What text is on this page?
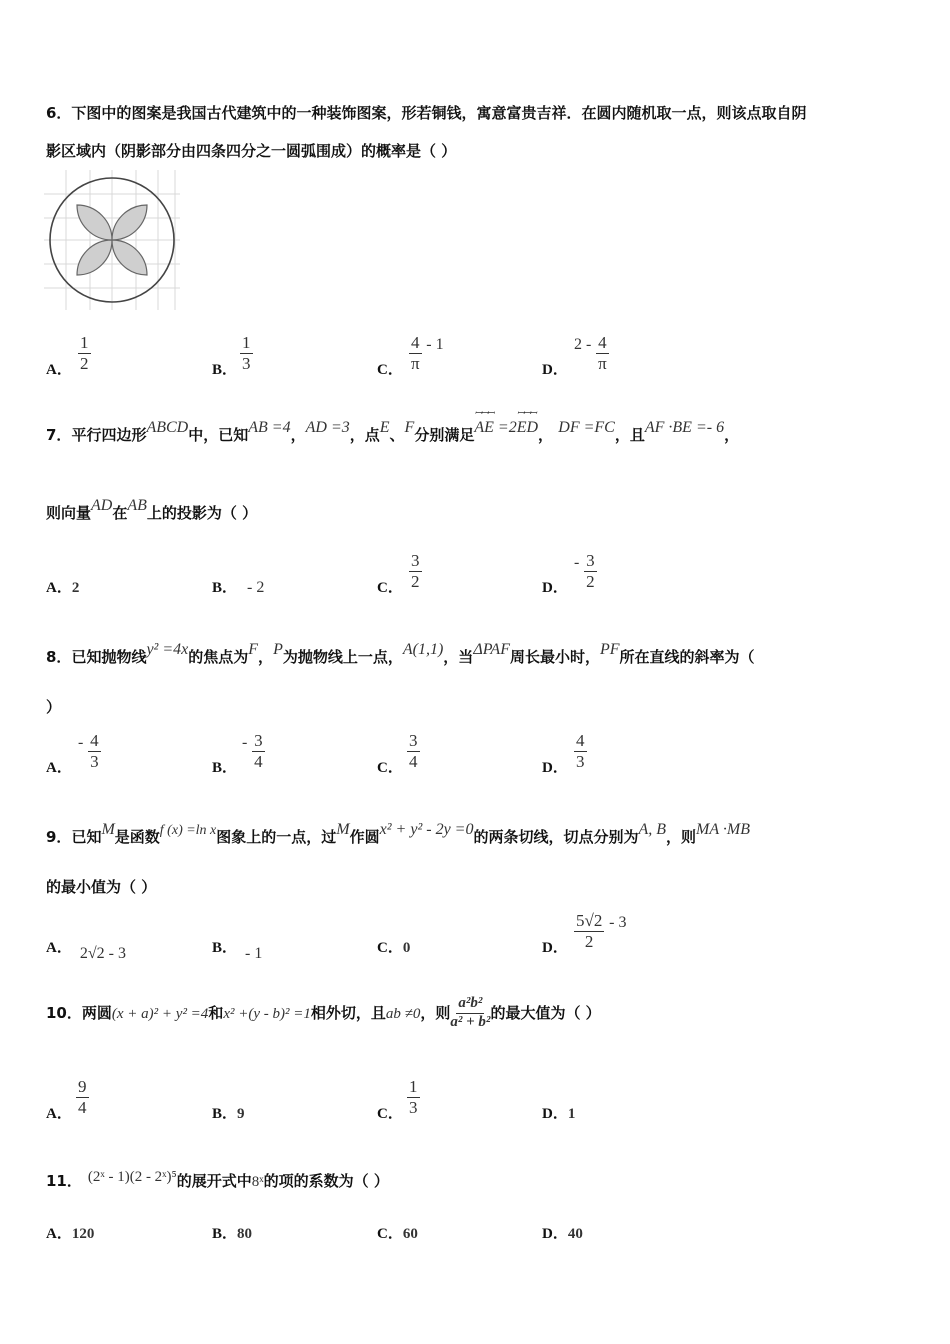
6．下图中的图案是我国古代建筑中的一种装饰图案，形若铜钱，寓意富贵吉祥．在圆内随机取一点，则该点取自阴
影区域内（阴影部分由四条四分之一圆弧围成）的概率是（ ）
A． $\frac{1}{2}$	B． $\frac{1}{3}$	C． $\frac{4}{\pi} - 1$
D．
$2 - \frac{4}{\pi}$
7．平行四边形ABCD中，已知AB =4，AD =3，点E、F分别满足ꟷꟷꟷ AE =2ꟷꟷꟷ ED， DF =FC，且AF ·BE =- 6，
则向量AD在AB上的投影为（ ）
A．2	B． - 2	C． $\frac{3}{2}$	D．
- $\frac{3}{2}$
8．已知抛物线y² =4x的焦点为F，P为抛物线上一点，A(1,1)，当ΔPAF周长最小时，PF所在直线的斜率为（
）
A．
- $\frac{4}{3}$	B．
- $\frac{3}{4}$	C． $\frac{3}{4}$	D． $\frac{4}{3}$
9．已知M是函数f (x) =ln x图象上的一点，过M作圆x² + y² - 2y =0的两条切线，切点分别为A, B，则MA ·MB
的最小值为（ ）
A． 2√2 - 3	B． - 1	C．0	D． $\frac{5√2}{2} - 3$
10．两圆(x + a)² + y² =4和x² +(y - b)² =1相外切，且ab ≠0，则 $\frac{\text{a²b²}}{\text{a² + b²}}$ 的最大值为（ ）
A． $\frac{9}{4}$	B．9	C． $\frac{1}{3}$	D．1
11． (2ˣ - 1)(2 - 2ˣ)⁵的展开式中8ˣ的项的系数为（ ）
A．120	B．80	C．60	D．40
